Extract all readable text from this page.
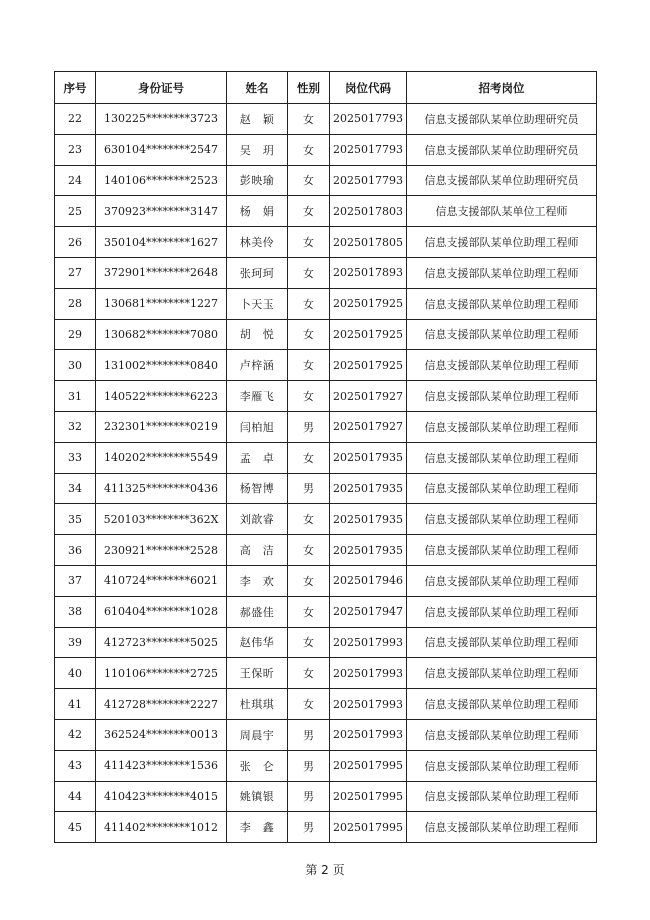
序号	身份证号	姓名	性别	岗位代码	招考岗位
22	130225********3723	赵　颖	女	2025017793	信息支援部队某单位助理研究员
23	630104********2547	吴　玥	女	2025017793	信息支援部队某单位助理研究员
24	140106********2523	彭映瑜	女	2025017793	信息支援部队某单位助理研究员
25	370923********3147	杨　娟	女	2025017803	信息支援部队某单位工程师
26	350104********1627	林美伶	女	2025017805	信息支援部队某单位助理工程师
27	372901********2648	张珂珂	女	2025017893	信息支援部队某单位助理工程师
28	130681********1227	卜天玉	女	2025017925	信息支援部队某单位助理工程师
29	130682********7080	胡　悦	女	2025017925	信息支援部队某单位助理工程师
30	131002********0840	卢梓涵	女	2025017925	信息支援部队某单位助理工程师
31	140522********6223	李雁飞	女	2025017927	信息支援部队某单位助理工程师
32	232301********0219	闫柏旭	男	2025017927	信息支援部队某单位助理工程师
33	140202********5549	孟　卓	女	2025017935	信息支援部队某单位助理工程师
34	411325********0436	杨智博	男	2025017935	信息支援部队某单位助理工程师
35	520103********362X	刘歆睿	女	2025017935	信息支援部队某单位助理工程师
36	230921********2528	高　洁	女	2025017935	信息支援部队某单位助理工程师
37	410724********6021	李　欢	女	2025017946	信息支援部队某单位助理工程师
38	610404********1028	郝盛佳	女	2025017947	信息支援部队某单位助理工程师
39	412723********5025	赵伟华	女	2025017993	信息支援部队某单位助理工程师
40	110106********2725	王保昕	女	2025017993	信息支援部队某单位助理工程师
41	412728********2227	杜琪琪	女	2025017993	信息支援部队某单位助理工程师
42	362524********0013	周晨宇	男	2025017993	信息支援部队某单位助理工程师
43	411423********1536	张　仑	男	2025017995	信息支援部队某单位助理工程师
44	410423********4015	姚镇银	男	2025017995	信息支援部队某单位助理工程师
45	411402********1012	李　鑫	男	2025017995	信息支援部队某单位助理工程师
第 2 页
